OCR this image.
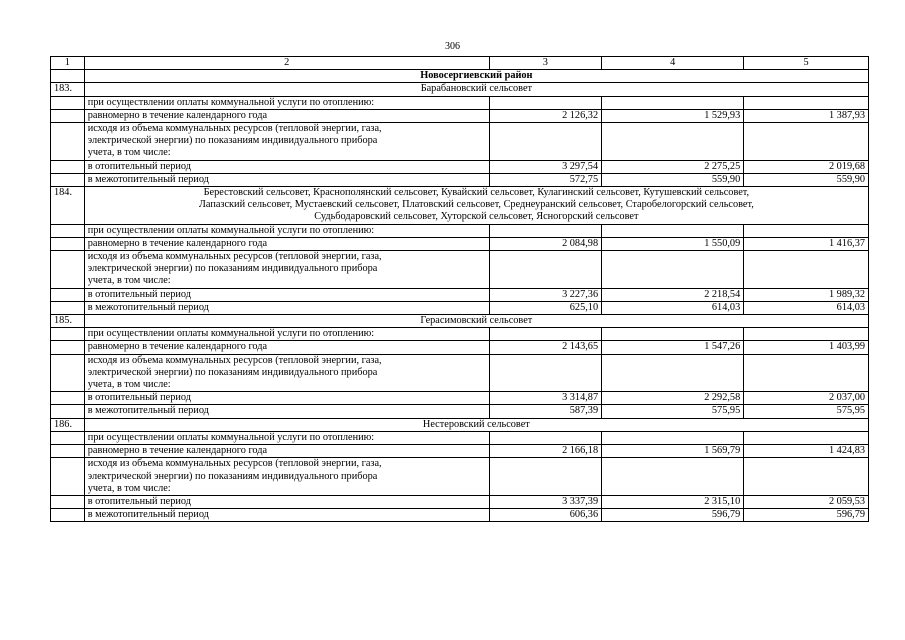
306
1	2	3	4	5
	Новосергиевский район			
183.	Барабановский сельсовет			

	при осуществлении оплаты коммунальной услуги по отоплению:			
	равномерно в течение календарного года	2 126,32	1 529,93	1 387,93

	исходя из объема коммунальных ресурсов (тепловой энергии, газа,
электрической энергии) по показаниям индивидуального прибора
учета, в том числе:			

	в отопительный период	3 297,54	2 275,25	2 019,68
	в межотопительный период	572,75	559,90	559,90
184.	Берестовский сельсовет, Краснополянский сельсовет, Кувайский сельсовет, Кулагинский сельсовет, Кутушевский сельсовет,
Лапазский сельсовет, Мустаевский сельсовет, Платовский сельсовет, Среднеуранский сельсовет, Старобелогорский сельсовет,
Судьбодаровский сельсовет, Хуторской сельсовет, Ясногорский сельсовет			

	при осуществлении оплаты коммунальной услуги по отоплению:			
	равномерно в течение календарного года	2 084,98	1 550,09	1 416,37

	исходя из объема коммунальных ресурсов (тепловой энергии, газа,
электрической энергии) по показаниям индивидуального прибора
учета, в том числе:			

	в отопительный период	3 227,36	2 218,54	1 989,32
	в межотопительный период	625,10	614,03	614,03
185.	Герасимовский сельсовет			

	при осуществлении оплаты коммунальной услуги по отоплению:			
	равномерно в течение календарного года	2 143,65	1 547,26	1 403,99

	исходя из объема коммунальных ресурсов (тепловой энергии, газа,
электрической энергии) по показаниям индивидуального прибора
учета, в том числе:			

	в отопительный период	3 314,87	2 292,58	2 037,00
	в межотопительный период	587,39	575,95	575,95
186.	Нестеровский сельсовет			

	при осуществлении оплаты коммунальной услуги по отоплению:			
	равномерно в течение календарного года	2 166,18	1 569,79	1 424,83

	исходя из объема коммунальных ресурсов (тепловой энергии, газа,
электрической энергии) по показаниям индивидуального прибора
учета, в том числе:			

	в отопительный период	3 337,39	2 315,10	2 059,53
	в межотопительный период	606,36	596,79	596,79
